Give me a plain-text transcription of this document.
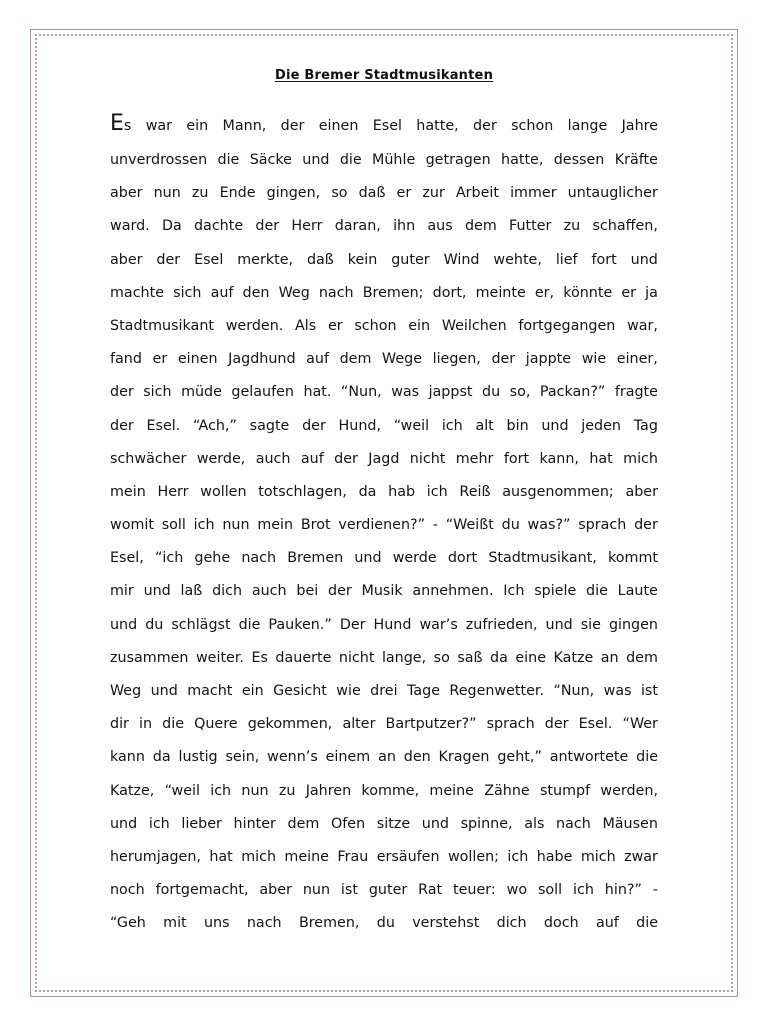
Die Bremer Stadtmusikanten
Es war ein Mann, der einen Esel hatte, der schon lange Jahre
unverdrossen die Säcke und die Mühle getragen hatte, dessen Kräfte
aber nun zu Ende gingen, so daß er zur Arbeit immer untauglicher
ward. Da dachte der Herr daran, ihn aus dem Futter zu schaffen,
aber der Esel merkte, daß kein guter Wind wehte, lief fort und
machte sich auf den Weg nach Bremen; dort, meinte er, könnte er ja
Stadtmusikant werden. Als er schon ein Weilchen fortgegangen war,
fand er einen Jagdhund auf dem Wege liegen, der jappte wie einer,
der sich müde gelaufen hat. “Nun, was jappst du so, Packan?” fragte
der Esel. “Ach,” sagte der Hund, “weil ich alt bin und jeden Tag
schwächer werde, auch auf der Jagd nicht mehr fort kann, hat mich
mein Herr wollen totschlagen, da hab ich Reiß ausgenommen; aber
womit soll ich nun mein Brot verdienen?” - “Weißt du was?” sprach der
Esel, “ich gehe nach Bremen und werde dort Stadtmusikant, kommt
mir und laß dich auch bei der Musik annehmen. Ich spiele die Laute
und du schlägst die Pauken.” Der Hund war’s zufrieden, und sie gingen
zusammen weiter. Es dauerte nicht lange, so saß da eine Katze an dem
Weg und macht ein Gesicht wie drei Tage Regenwetter. “Nun, was ist
dir in die Quere gekommen, alter Bartputzer?” sprach der Esel. “Wer
kann da lustig sein, wenn’s einem an den Kragen geht,” antwortete die
Katze, “weil ich nun zu Jahren komme, meine Zähne stumpf werden,
und ich lieber hinter dem Ofen sitze und spinne, als nach Mäusen
herumjagen, hat mich meine Frau ersäufen wollen; ich habe mich zwar
noch fortgemacht, aber nun ist guter Rat teuer: wo soll ich hin?” -
“Geh mit uns nach Bremen, du verstehst dich doch auf die
